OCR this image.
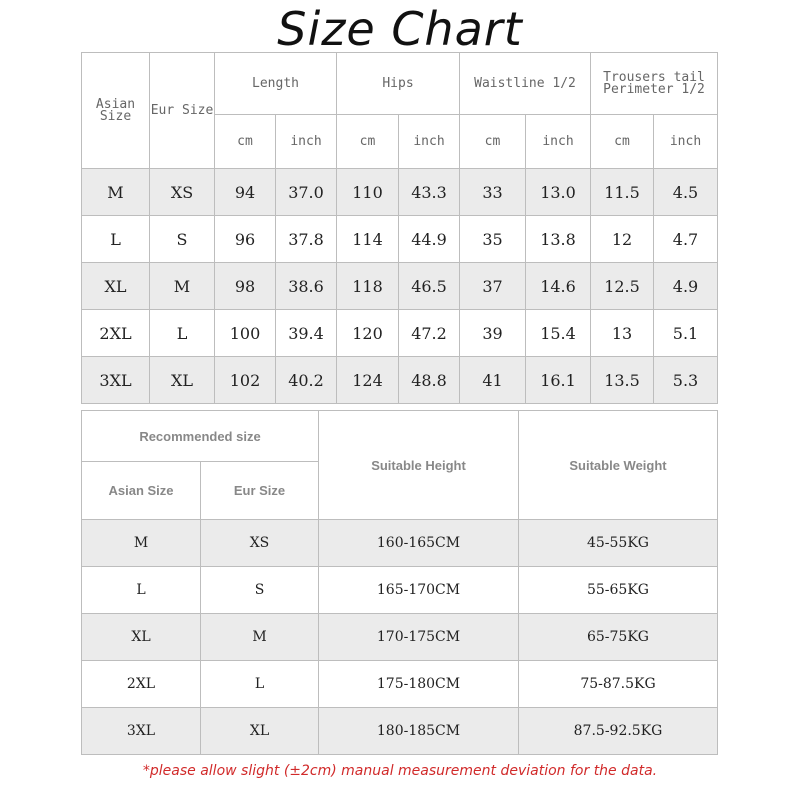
Size Chart
Asian Size	Eur Size	Length		Hips		Waistline 1/2		Trousers tail Perimeter 1/2	
		cm	inch	cm	inch	cm	inch	cm	inch
M	XS	94	37.0	110	43.3	33	13.0	11.5	4.5
L	S	96	37.8	114	44.9	35	13.8	12	4.7
XL	M	98	38.6	118	46.5	37	14.6	12.5	4.9
2XL	L	100	39.4	120	47.2	39	15.4	13	5.1
3XL	XL	102	40.2	124	48.8	41	16.1	13.5	5.3
Recommended size		Suitable Height	Suitable Weight
Asian Size	Eur Size		
M	XS	160-165CM	45-55KG
L	S	165-170CM	55-65KG
XL	M	170-175CM	65-75KG
2XL	L	175-180CM	75-87.5KG
3XL	XL	180-185CM	87.5-92.5KG
*please allow slight (±2cm) manual measurement deviation for the data.
